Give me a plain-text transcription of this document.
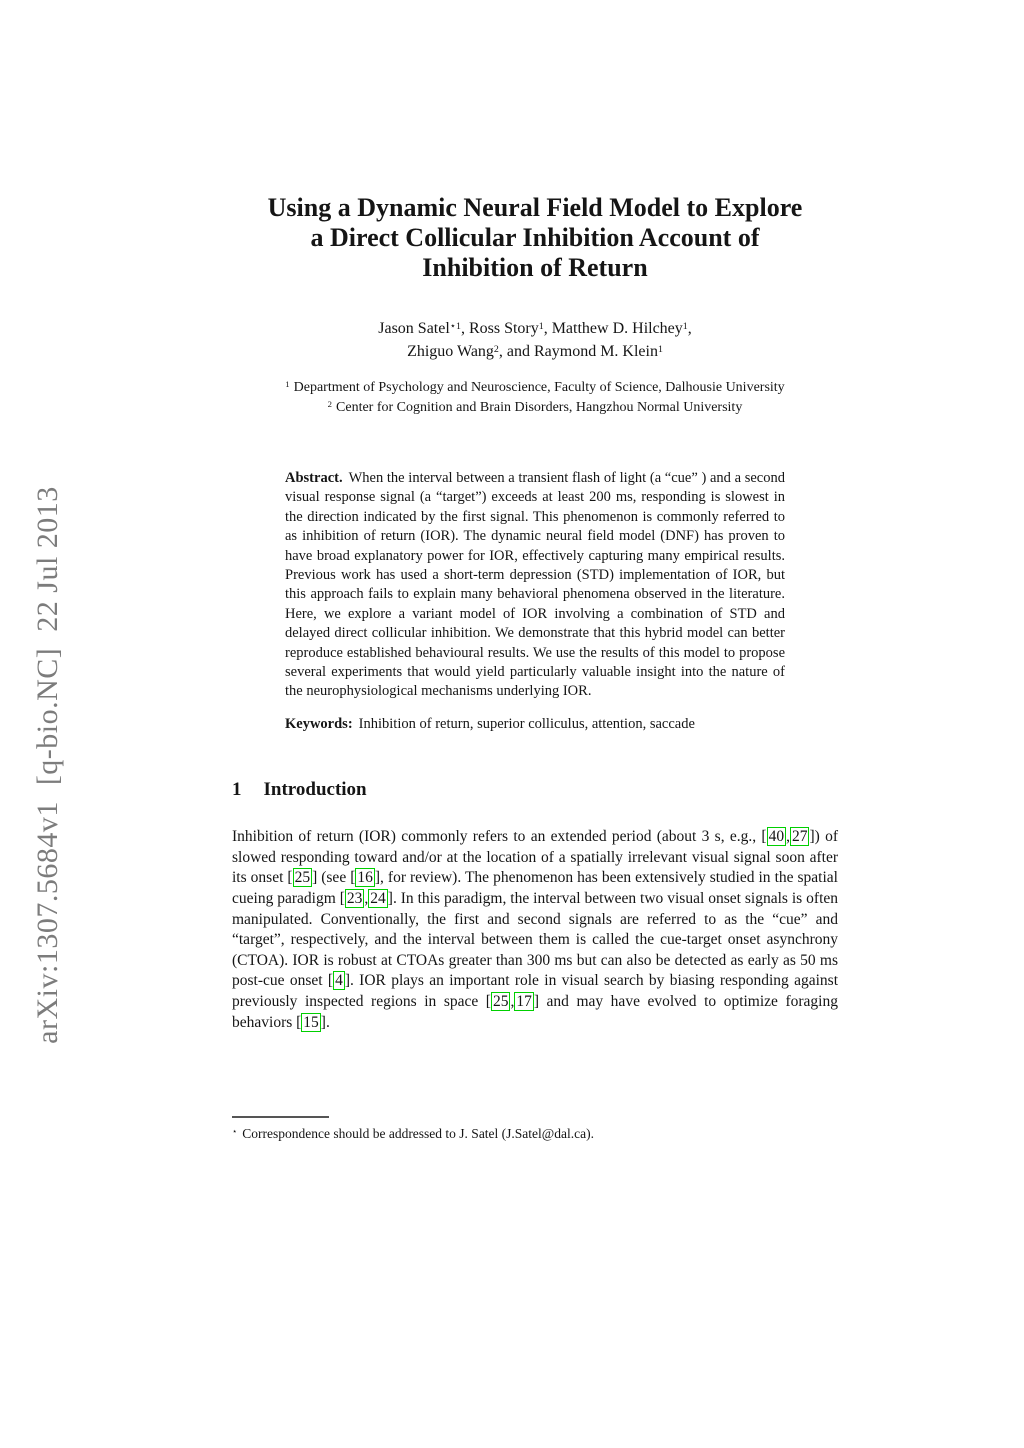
arXiv:1307.5684v1  [q-bio.NC]  22 Jul 2013
Using a Dynamic Neural Field Model to Explore
a Direct Collicular Inhibition Account of
Inhibition of Return
Jason Satel$^{⋆1}$, Ross Story$^1$, Matthew D. Hilchey$^1$,
Zhiguo Wang$^2$, and Raymond M. Klein$^1$
$^1$ Department of Psychology and Neuroscience, Faculty of Science, Dalhousie University
$^2$ Center for Cognition and Brain Disorders, Hangzhou Normal University
Abstract. When the interval between a transient flash of light (a “cue” ) and a second visual response signal (a “target”) exceeds at least 200 ms, responding is slowest in the direction indicated by the first signal. This phenomenon is commonly referred to as inhibition of return (IOR). The dynamic neural field model (DNF) has proven to have broad explanatory power for IOR, effectively capturing many empirical results. Previous work has used a short-term depression (STD) implementation of IOR, but this approach fails to explain many behavioral phenomena observed in the literature. Here, we explore a variant model of IOR involving a combination of STD and delayed direct collicular inhibition. We demonstrate that this hybrid model can better reproduce established behavioural results. We use the results of this model to propose several experiments that would yield particularly valuable insight into the nature of the neurophysiological mechanisms underlying IOR.
Keywords: Inhibition of return, superior colliculus, attention, saccade
1 Introduction

Inhibition of return (IOR) commonly refers to an extended period (about 3 s, e.g., [ 40 , 27 ]) of slowed responding toward and/or at the location of a spatially irrelevant visual signal soon after its onset [ 25 ] (see [ 16 ], for review). The phenomenon has been extensively studied in the spatial cueing paradigm [ 23 , 24 ]. In this paradigm, the interval between two visual onset signals is often manipulated. Conventionally, the first and second signals are referred to as the “cue” and “target”, respectively, and the interval between them is called the cue-target onset asynchrony (CTOA). IOR is robust at CTOAs greater than 300 ms but can also be detected as early as 50 ms post-cue onset [ 4 ]. IOR plays an important role in visual search by biasing responding against previously inspected regions in space [ 25 , 17 ] and may have evolved to optimize foraging behaviors [ 15 ].

⋆ Correspondence should be addressed to J. Satel (J.Satel@dal.ca).
